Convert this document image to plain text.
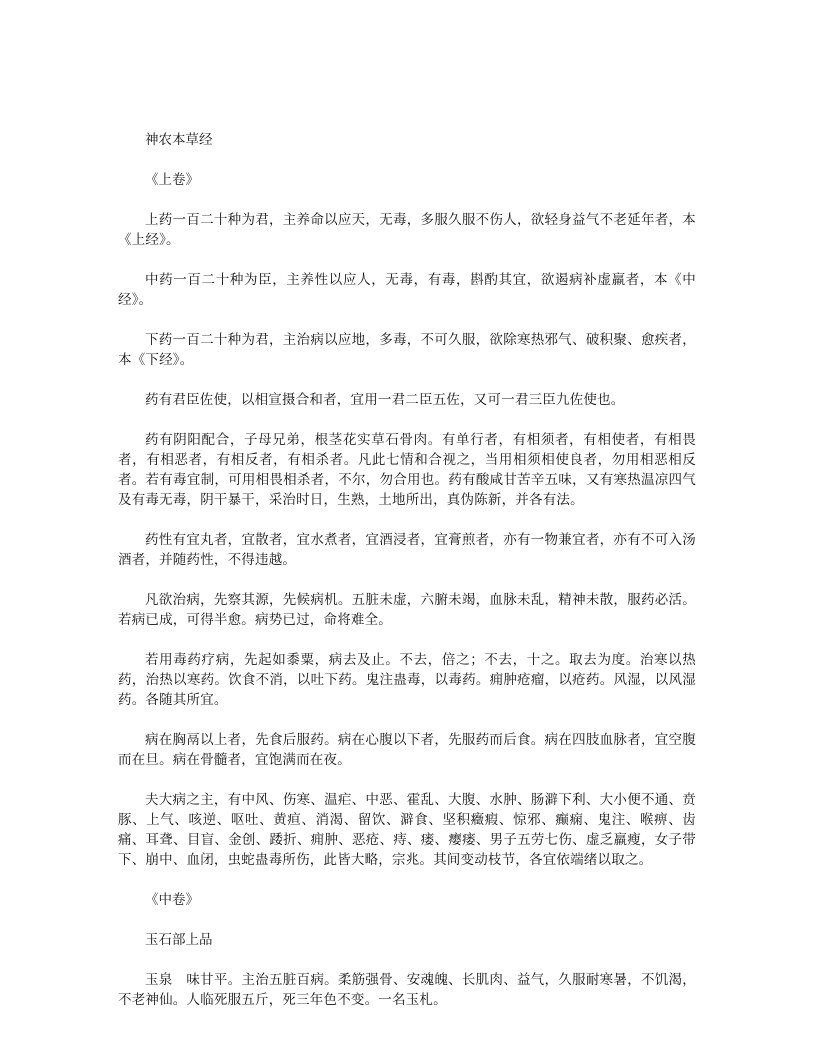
神农本草经

《上卷》

上药一百二十种为君，主养命以应天，无毒，多服久服不伤人，欲轻身益气不老延年者，本《上经》。

中药一百二十种为臣，主养性以应人，无毒，有毒，斟酌其宜，欲遏病补虚羸者，本《中经》。

下药一百二十种为君，主治病以应地，多毒，不可久服，欲除寒热邪气、破积聚、愈疾者，本《下经》。

药有君臣佐使，以相宣摄合和者，宜用一君二臣五佐，又可一君三臣九佐使也。

药有阴阳配合，子母兄弟，根茎花实草石骨肉。有单行者，有相须者，有相使者，有相畏者，有相恶者，有相反者，有相杀者。凡此七情和合视之，当用相须相使良者，勿用相恶相反者。若有毒宜制，可用相畏相杀者，不尔，勿合用也。药有酸咸甘苦辛五味，又有寒热温凉四气及有毒无毒，阴干暴干，采治时日，生熟，土地所出，真伪陈新，并各有法。

药性有宜丸者，宜散者，宜水煮者，宜酒浸者，宜膏煎者，亦有一物兼宜者，亦有不可入汤酒者，并随药性，不得违越。

凡欲治病，先察其源，先候病机。五脏未虚，六腑未竭，血脉未乱，精神未散，服药必活。若病已成，可得半愈。病势已过，命将难全。

若用毒药疗病，先起如黍粟，病去及止。不去，倍之；不去，十之。取去为度。治寒以热药，治热以寒药。饮食不消，以吐下药。鬼注蛊毒，以毒药。痈肿疮瘤，以疮药。风湿，以风湿药。各随其所宜。

病在胸鬲以上者，先食后服药。病在心腹以下者，先服药而后食。病在四肢血脉者，宜空腹而在旦。病在骨髓者，宜饱满而在夜。

夫大病之主，有中风、伤寒、温疟、中恶、霍乱、大腹、水肿、肠澼下利、大小便不通、贲豚、上气、咳逆、呕吐、黄疸、消渴、留饮、澼食、坚积癥瘕、惊邪、癫痫、鬼注、喉痹、齿痛、耳聋、目盲、金创、踒折、痈肿、恶疮、痔、瘘、瘿瘘、男子五劳七伤、虚乏羸瘦，女子带下、崩中、血闭，虫蛇蛊毒所伤，此皆大略，宗兆。其间变动枝节，各宜依端绪以取之。

《中卷》

玉石部上品

玉泉　味甘平。主治五脏百病。柔筋强骨、安魂魄、长肌肉、益气，久服耐寒暑，不饥渴，不老神仙。人临死服五斤，死三年色不变。一名玉札。
